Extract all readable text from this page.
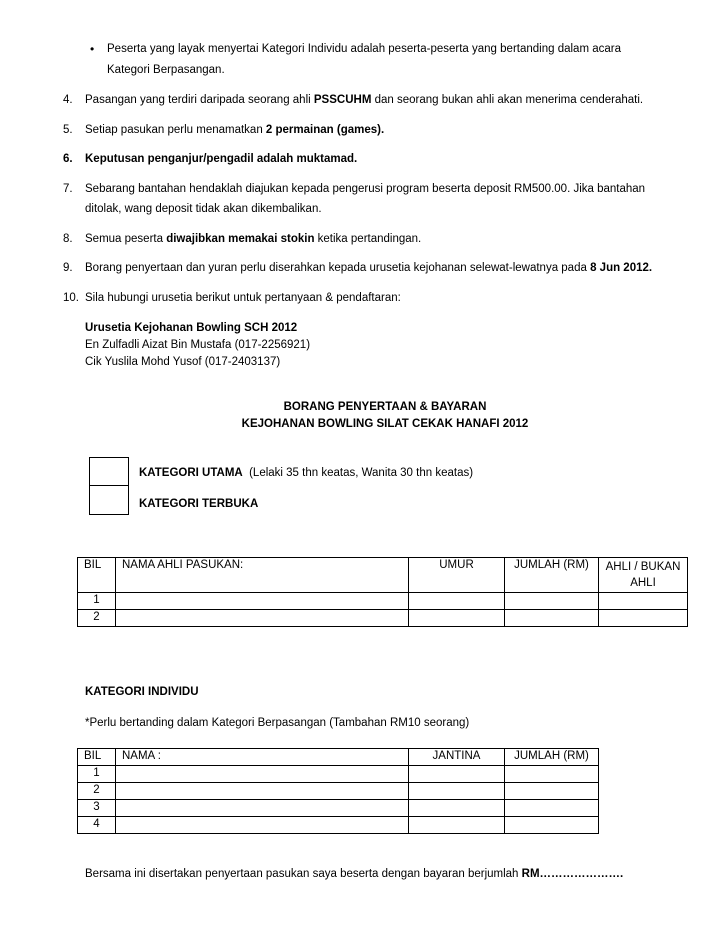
• Peserta yang layak menyertai Kategori Individu adalah peserta-peserta yang bertanding dalam acara
Kategori Berpasangan.
4. Pasangan yang terdiri daripada seorang ahli PSSCUHM dan seorang bukan ahli akan menerima cenderahati.
5. Setiap pasukan perlu menamatkan 2 permainan (games).
6. Keputusan penganjur/pengadil adalah muktamad.
7. Sebarang bantahan hendaklah diajukan kepada pengerusi program beserta deposit RM500.00. Jika bantahan
ditolak, wang deposit tidak akan dikembalikan.
8. Semua peserta diwajibkan memakai stokin ketika pertandingan.
9. Borang penyertaan dan yuran perlu diserahkan kepada urusetia kejohanan selewat-lewatnya pada 8 Jun 2012.
10. Sila hubungi urusetia berikut untuk pertanyaan & pendaftaran:
Urusetia Kejohanan Bowling SCH 2012
En Zulfadli Aizat Bin Mustafa (017-2256921)
Cik Yuslila Mohd Yusof (017-2403137)
BORANG PENYERTAAN & BAYARAN
KEJOHANAN BOWLING SILAT CEKAK HANAFI 2012
KATEGORI UTAMA (Lelaki 35 thn keatas, Wanita 30 thn keatas)
KATEGORI TERBUKA
BIL	NAMA AHLI PASUKAN:	UMUR	JUMLAH (RM)	AHLI / BUKAN
AHLI
1				
2				
KATEGORI INDIVIDU
*Perlu bertanding dalam Kategori Berpasangan (Tambahan RM10 seorang)
BIL	NAMA :	JANTINA	JUMLAH (RM)
1			
2			
3			
4			
Bersama ini disertakan penyertaan pasukan saya beserta dengan bayaran berjumlah RM………………….
